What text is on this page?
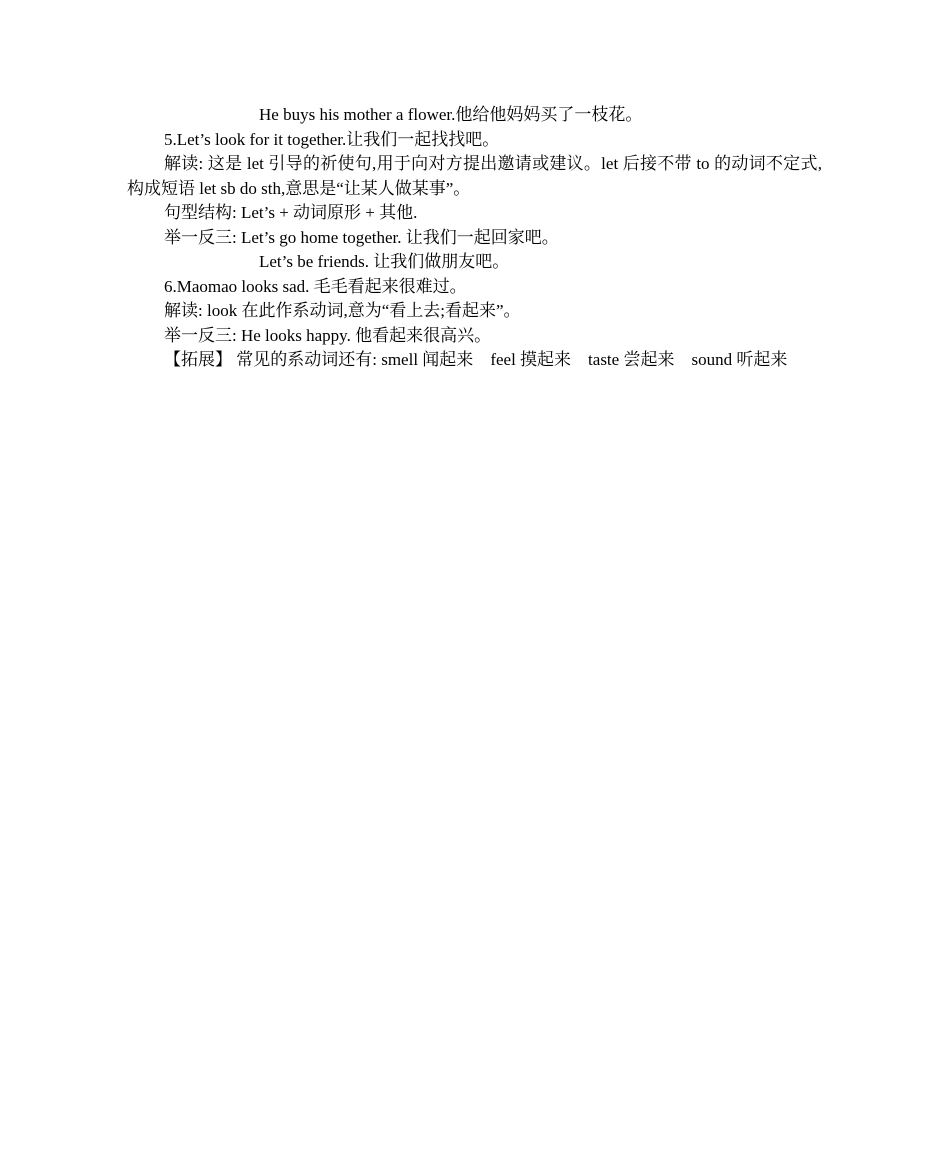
He buys his mother a flower.他给他妈妈买了一枝花。
5.Let’s look for it together.让我们一起找找吧。
解读: 这是 let 引导的祈使句,用于向对方提出邀请或建议。let 后接不带 to 的动词不定式,构成短语 let sb do sth,意思是“让某人做某事”。
句型结构: Let’s + 动词原形 + 其他.
举一反三: Let’s go home together. 让我们一起回家吧。
Let’s be friends. 让我们做朋友吧。
6.Maomao looks sad. 毛毛看起来很难过。
解读: look 在此作系动词,意为“看上去;看起来”。
举一反三: He looks happy. 他看起来很高兴。
【拓展】 常见的系动词还有: smell 闻起来 feel 摸起来 taste 尝起来 sound 听起来
